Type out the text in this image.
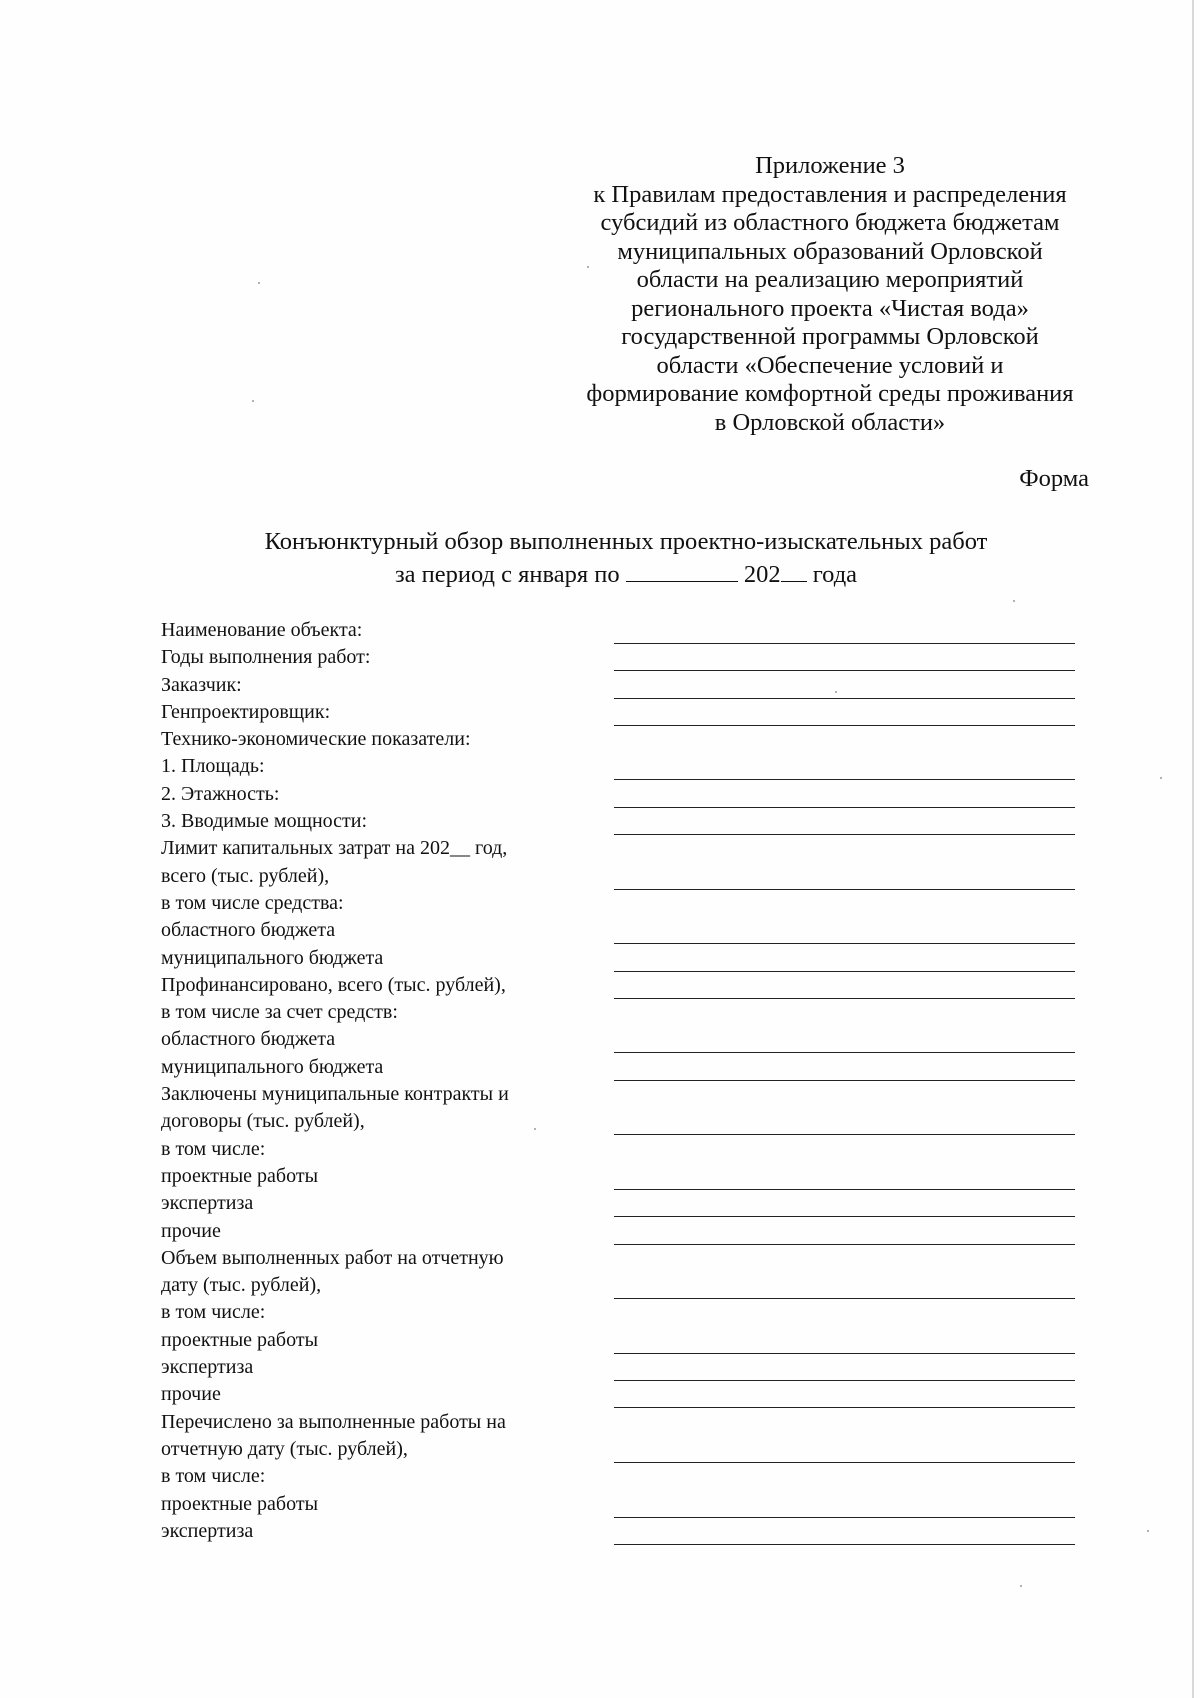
Приложение 3
к Правилам предоставления и распределения
субсидий из областного бюджета бюджетам
муниципальных образований Орловской
области на реализацию мероприятий
регионального проекта «Чистая вода»
государственной программы Орловской
области «Обеспечение условий и
формирование комфортной среды проживания
в Орловской области»
Форма
Конъюнктурный обзор выполненных проектно-изыскательных работ
за период с января по	202 года
Наименование объекта:
Годы выполнения работ:
Заказчик:
Генпроектировщик:
Технико-экономические показатели:
1. Площадь:
2. Этажность:
3. Вводимые мощности:
Лимит капитальных затрат на 202__ год,
всего (тыс. рублей),
в том числе средства:
областного бюджета
муниципального бюджета
Профинансировано, всего (тыс. рублей),
в том числе за счет средств:
областного бюджета
муниципального бюджета
Заключены муниципальные контракты и
договоры (тыс. рублей),
в том числе:
проектные работы
экспертиза
прочие
Объем выполненных работ на отчетную
дату (тыс. рублей),
в том числе:
проектные работы
экспертиза
прочие
Перечислено за выполненные работы на
отчетную дату (тыс. рублей),
в том числе:
проектные работы
экспертиза
